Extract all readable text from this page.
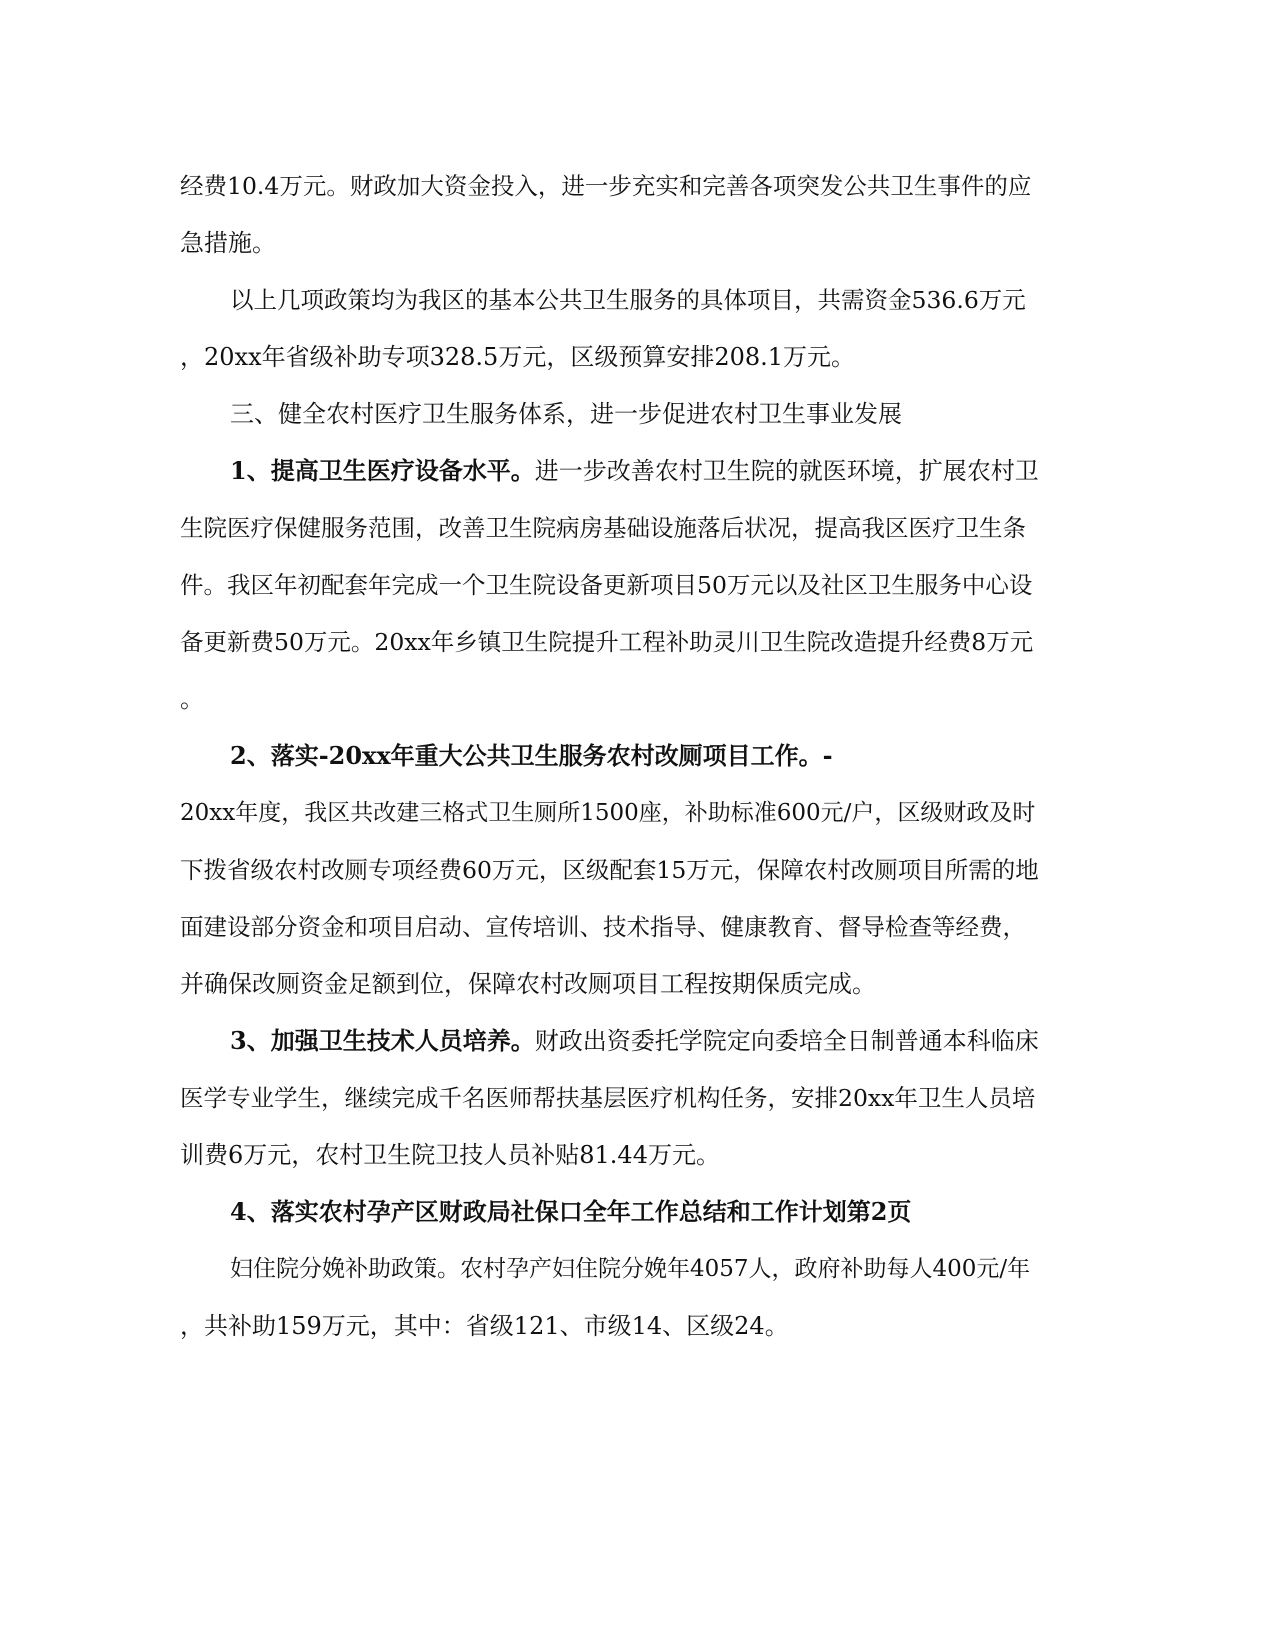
经费10.4万元。财政加大资金投入，进一步充实和完善各项突发公共卫生事件的应

急措施。

以上几项政策均为我区的基本公共卫生服务的具体项目，共需资金536.6万元

，20xx年省级补助专项328.5万元，区级预算安排208.1万元。

三、健全农村医疗卫生服务体系，进一步促进农村卫生事业发展

1、提高卫生医疗设备水平。进一步改善农村卫生院的就医环境，扩展农村卫

生院医疗保健服务范围，改善卫生院病房基础设施落后状况，提高我区医疗卫生条

件。我区年初配套年完成一个卫生院设备更新项目50万元以及社区卫生服务中心设

备更新费50万元。20xx年乡镇卫生院提升工程补助灵川卫生院改造提升经费8万元

。

2、落实-20xx年重大公共卫生服务农村改厕项目工作。-

20xx年度，我区共改建三格式卫生厕所1500座，补助标准600元/户，区级财政及时

下拨省级农村改厕专项经费60万元，区级配套15万元，保障农村改厕项目所需的地

面建设部分资金和项目启动、宣传培训、技术指导、健康教育、督导检查等经费，

并确保改厕资金足额到位，保障农村改厕项目工程按期保质完成。

3、加强卫生技术人员培养。财政出资委托学院定向委培全日制普通本科临床

医学专业学生，继续完成千名医师帮扶基层医疗机构任务，安排20xx年卫生人员培

训费6万元，农村卫生院卫技人员补贴81.44万元。

4、落实农村孕产区财政局社保口全年工作总结和工作计划第2页

妇住院分娩补助政策。农村孕产妇住院分娩年4057人，政府补助每人400元/年

，共补助159万元，其中：省级121、市级14、区级24。
